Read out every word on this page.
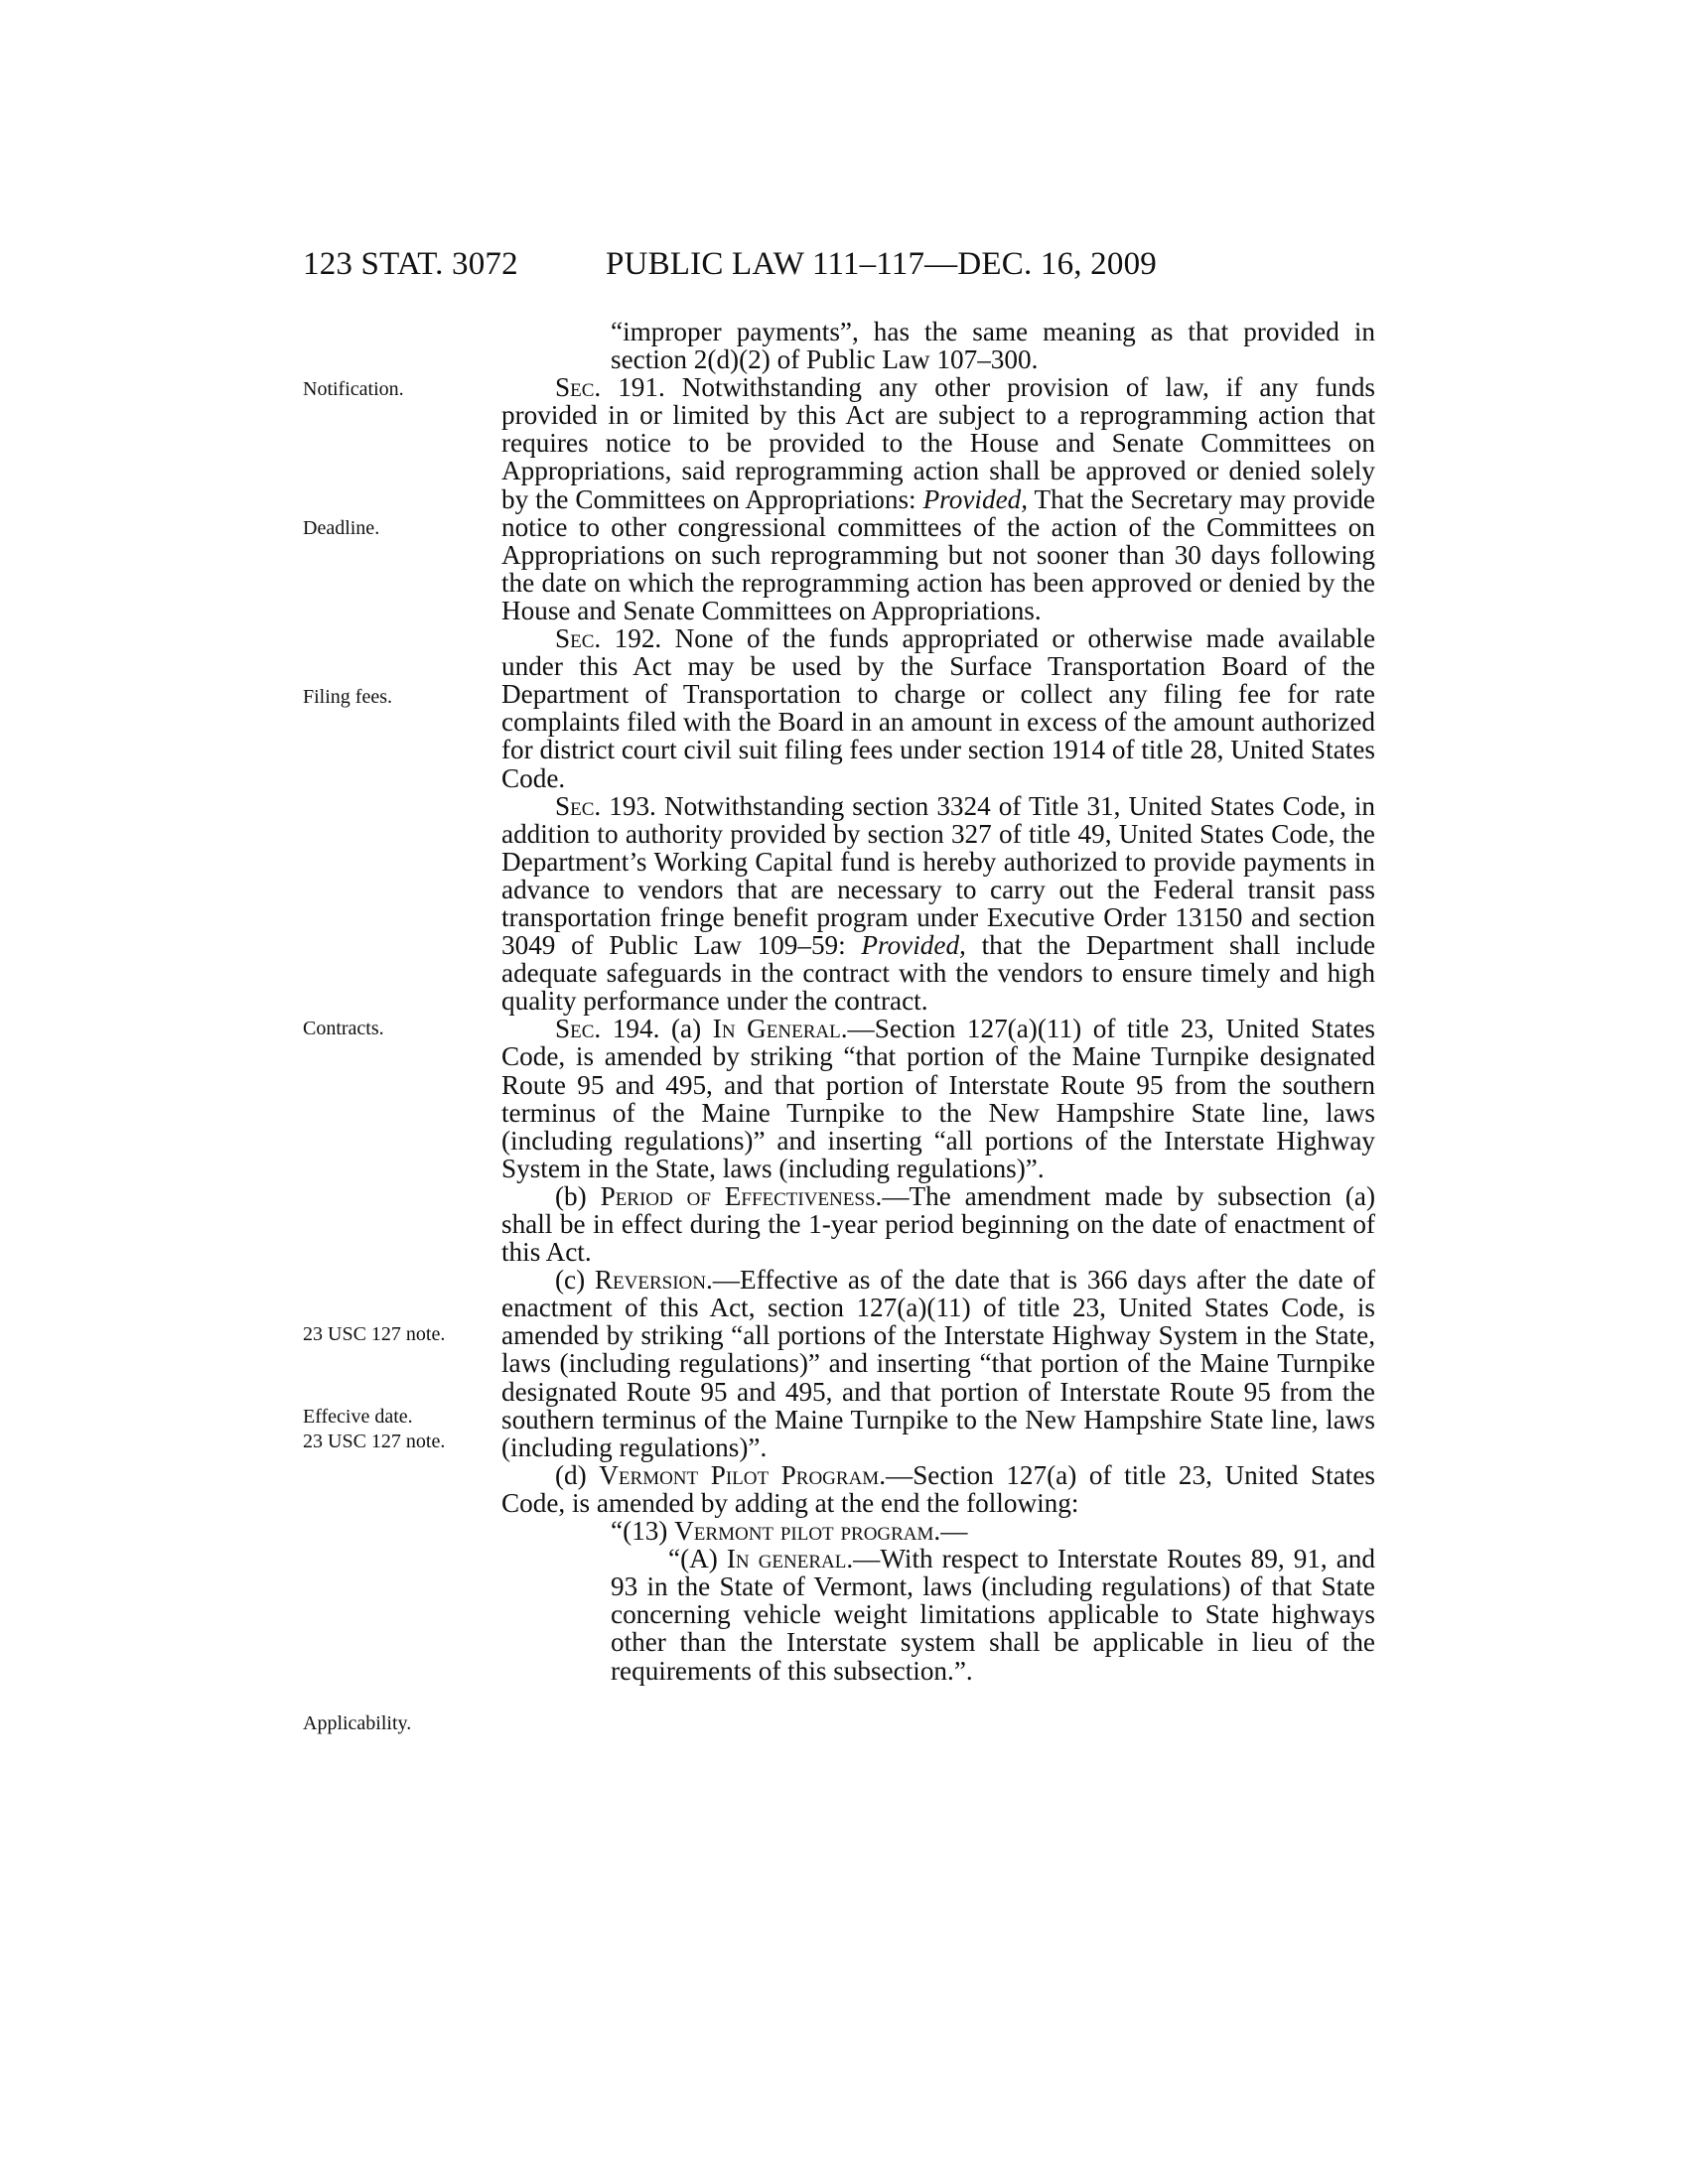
123 STAT. 3072	PUBLIC LAW 111–117—DEC. 16, 2009
Notification.
Deadline.
Filing fees.
Contracts.
23 USC 127 note.
Effecive date.
23 USC 127 note.
Applicability.

“improper payments”, has the same meaning as that provided in section 2(d)(2) of Public Law 107–300.

Sec. 191. Notwithstanding any other provision of law, if any funds provided in or limited by this Act are subject to a reprogramming action that requires notice to be provided to the House and Senate Committees on Appropriations, said reprogramming action shall be approved or denied solely by the Committees on Appropriations: Provided, That the Secretary may provide notice to other congressional committees of the action of the Committees on Appropriations on such reprogramming but not sooner than 30 days following the date on which the reprogramming action has been approved or denied by the House and Senate Committees on Appropriations.

Sec. 192. None of the funds appropriated or otherwise made available under this Act may be used by the Surface Transportation Board of the Department of Transportation to charge or collect any filing fee for rate complaints filed with the Board in an amount in excess of the amount authorized for district court civil suit filing fees under section 1914 of title 28, United States Code.

Sec. 193. Notwithstanding section 3324 of Title 31, United States Code, in addition to authority provided by section 327 of title 49, United States Code, the Department’s Working Capital fund is hereby authorized to provide payments in advance to vendors that are necessary to carry out the Federal transit pass transportation fringe benefit program under Executive Order 13150 and section 3049 of Public Law 109–59: Provided, that the Department shall include adequate safeguards in the contract with the vendors to ensure timely and high quality performance under the contract.

Sec. 194. (a) In General.—Section 127(a)(11) of title 23, United States Code, is amended by striking “that portion of the Maine Turnpike designated Route 95 and 495, and that portion of Interstate Route 95 from the southern terminus of the Maine Turnpike to the New Hampshire State line, laws (including regulations)” and inserting “all portions of the Interstate Highway System in the State, laws (including regulations)”.

(b) Period of Effectiveness.—The amendment made by subsection (a) shall be in effect during the 1-year period beginning on the date of enactment of this Act.

(c) Reversion.—Effective as of the date that is 366 days after the date of enactment of this Act, section 127(a)(11) of title 23, United States Code, is amended by striking “all portions of the Interstate Highway System in the State, laws (including regulations)” and inserting “that portion of the Maine Turnpike designated Route 95 and 495, and that portion of Interstate Route 95 from the southern terminus of the Maine Turnpike to the New Hampshire State line, laws (including regulations)”.

(d) Vermont Pilot Program.—Section 127(a) of title 23, United States Code, is amended by adding at the end the following:

“(13) Vermont pilot program.—

“(A) In general.—With respect to Interstate Routes 89, 91, and 93 in the State of Vermont, laws (including regulations) of that State concerning vehicle weight limitations applicable to State highways other than the Interstate system shall be applicable in lieu of the requirements of this subsection.”.
